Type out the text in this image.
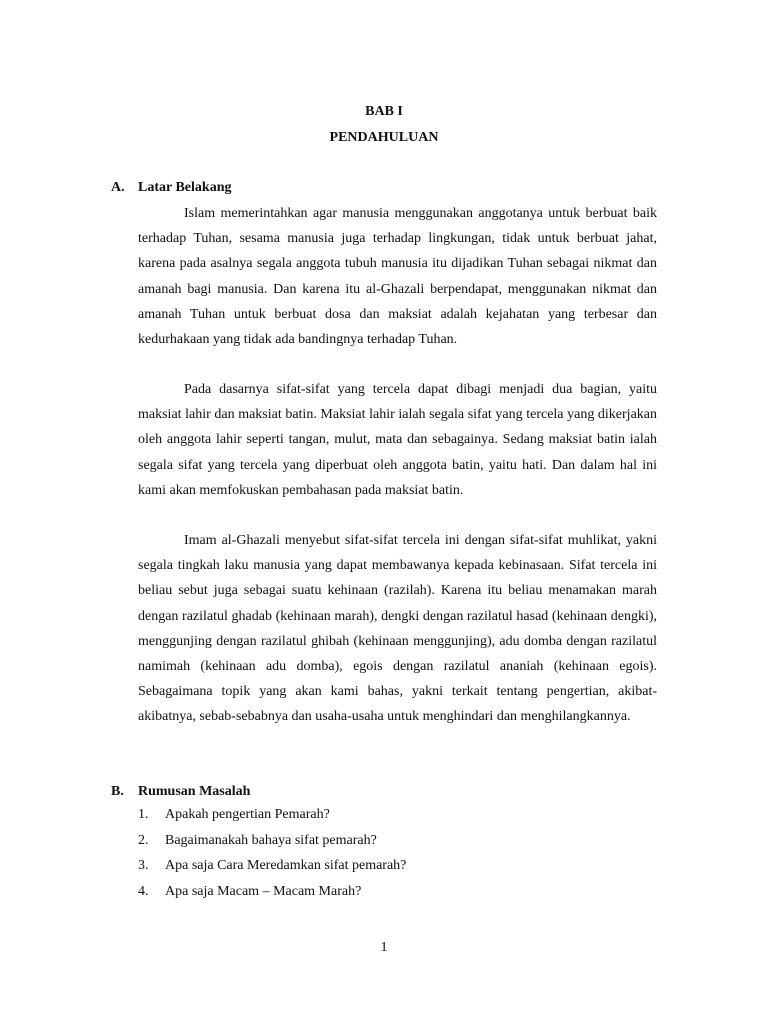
BAB I
PENDAHULUAN
A. Latar Belakang

Islam memerintahkan agar manusia menggunakan anggotanya untuk berbuat baik terhadap Tuhan, sesama manusia juga terhadap lingkungan, tidak untuk berbuat jahat, karena pada asalnya segala anggota tubuh manusia itu dijadikan Tuhan sebagai nikmat dan amanah bagi manusia. Dan karena itu al-Ghazali berpendapat, menggunakan nikmat dan amanah Tuhan untuk berbuat dosa dan maksiat adalah kejahatan yang terbesar dan kedurhakaan yang tidak ada bandingnya terhadap Tuhan.

Pada dasarnya sifat-sifat yang tercela dapat dibagi menjadi dua bagian, yaitu maksiat lahir dan maksiat batin. Maksiat lahir ialah segala sifat yang tercela yang dikerjakan oleh anggota lahir seperti tangan, mulut, mata dan sebagainya. Sedang maksiat batin ialah segala sifat yang tercela yang diperbuat oleh anggota batin, yaitu hati. Dan dalam hal ini kami akan memfokuskan pembahasan pada maksiat batin.

Imam al-Ghazali menyebut sifat-sifat tercela ini dengan sifat-sifat muhlikat, yakni segala tingkah laku manusia yang dapat membawanya kepada kebinasaan. Sifat tercela ini beliau sebut juga sebagai suatu kehinaan (razilah). Karena itu beliau menamakan marah dengan razilatul ghadab (kehinaan marah), dengki dengan razilatul hasad (kehinaan dengki), menggunjing dengan razilatul ghibah (kehinaan menggunjing), adu domba dengan razilatul namimah (kehinaan adu domba), egois dengan razilatul ananiah (kehinaan egois). Sebagaimana topik yang akan kami bahas, yakni terkait tentang pengertian, akibat-akibatnya, sebab-sebabnya dan usaha-usaha untuk menghindari dan menghilangkannya.

B. Rumusan Masalah
1. Apakah pengertian Pemarah?
2. Bagaimanakah bahaya sifat pemarah?
3. Apa saja Cara Meredamkan sifat pemarah?
4. Apa saja Macam – Macam Marah?
1
